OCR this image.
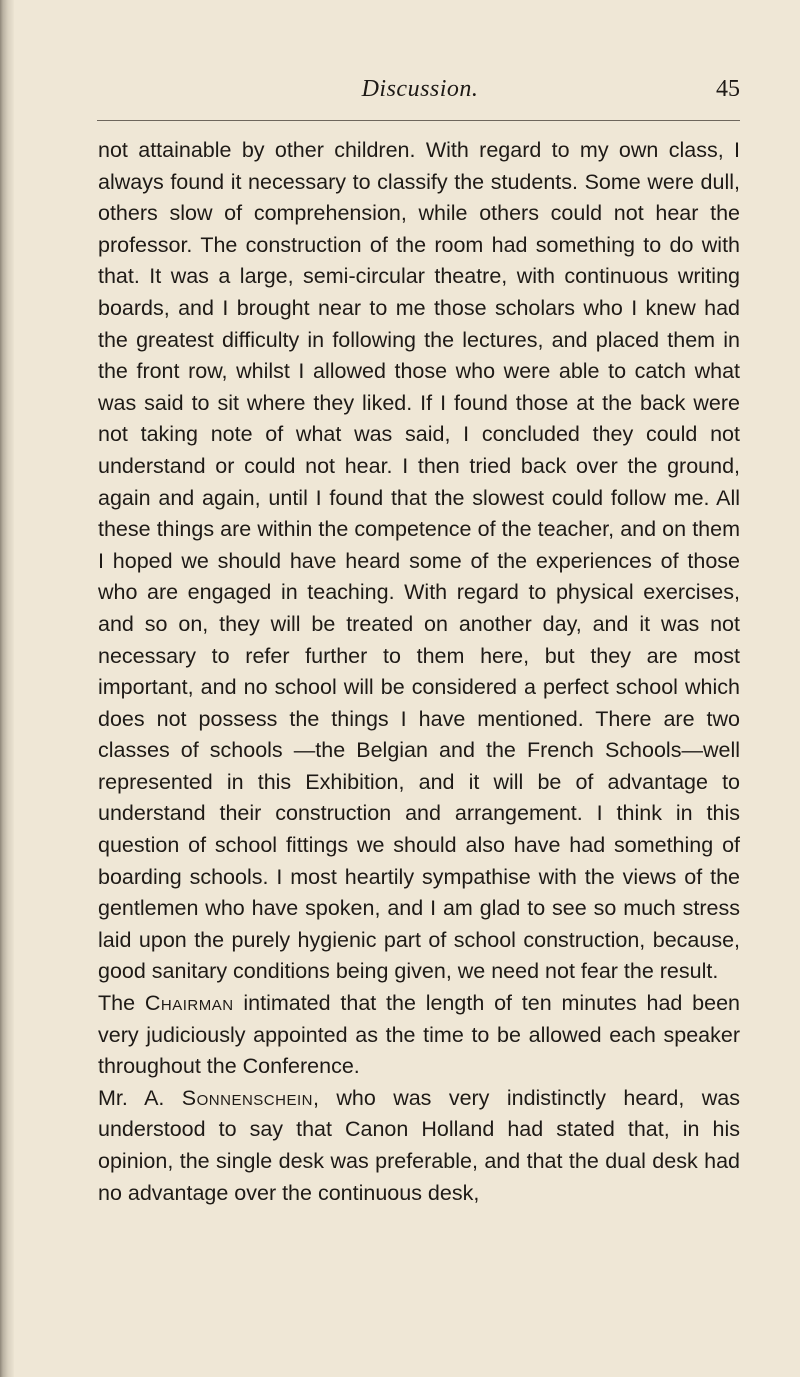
Discussion.	45

not attainable by other children. With regard to my own class, I always found it necessary to classify the students. Some were dull, others slow of comprehension, while others could not hear the professor. The construction of the room had something to do with that. It was a large, semi-circular theatre, with continuous writing boards, and I brought near to me those scholars who I knew had the greatest difficulty in following the lectures, and placed them in the front row, whilst I allowed those who were able to catch what was said to sit where they liked. If I found those at the back were not taking note of what was said, I concluded they could not understand or could not hear. I then tried back over the ground, again and again, until I found that the slowest could follow me. All these things are within the competence of the teacher, and on them I hoped we should have heard some of the experiences of those who are engaged in teaching. With regard to physical exercises, and so on, they will be treated on another day, and it was not necessary to refer further to them here, but they are most important, and no school will be considered a perfect school which does not possess the things I have mentioned. There are two classes of schools —the Belgian and the French Schools—well represented in this Exhibition, and it will be of advantage to understand their construction and arrangement. I think in this question of school fittings we should also have had something of boarding schools. I most heartily sympathise with the views of the gentlemen who have spoken, and I am glad to see so much stress laid upon the purely hygienic part of school construction, because, good sanitary conditions being given, we need not fear the result.

The Chairman intimated that the length of ten minutes had been very judiciously appointed as the time to be allowed each speaker throughout the Conference.

Mr. A. Sonnenschein, who was very indistinctly heard, was understood to say that Canon Holland had stated that, in his opinion, the single desk was preferable, and that the dual desk had no advantage over the continuous desk,
